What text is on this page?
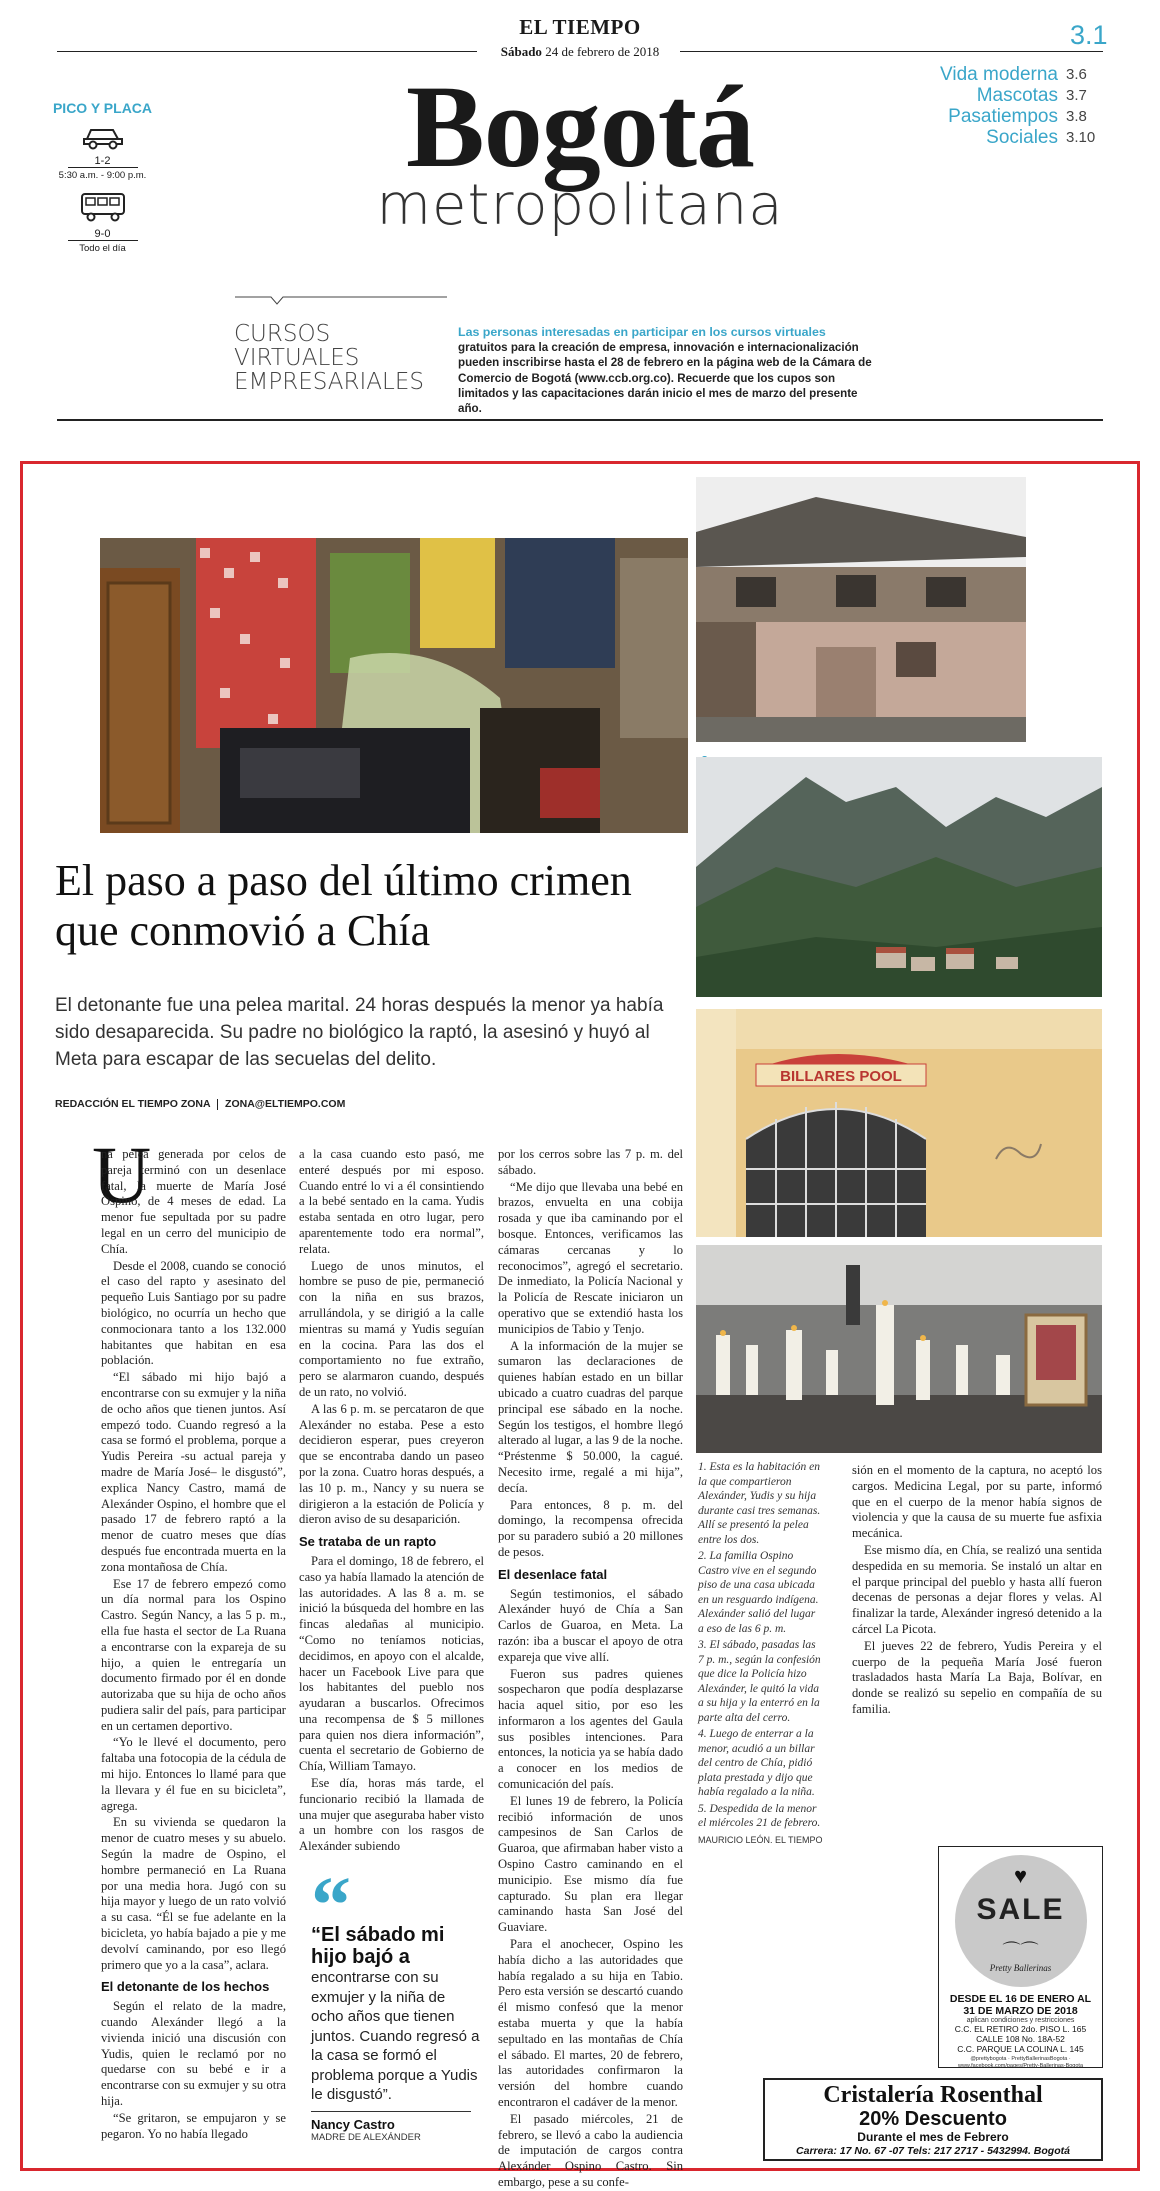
EL TIEMPO
Sábado 24 de febrero de 2018
3.1
Bogotá
metropolitana
Vida moderna 3.6
Mascotas 3.7
Pasatiempos 3.8
Sociales 3.10
PICO Y PLACA
1-2
5:30 a.m. - 9:00 p.m.
9-0
Todo el día
CURSOS
VIRTUALES
EMPRESARIALES
Las personas interesadas en participar en los cursos virtuales gratuitos para la creación de empresa, innovación e internacionalización pueden inscribirse hasta el 28 de febrero en la página web de la Cámara de Comercio de Bogotá (www.ccb.org.co). Recuerde que los cupos son limitados y las capacitaciones darán inicio el mes de marzo del presente año.
BILLARES POOL
El paso a paso del último crimen que conmovió a Chía
El detonante fue una pelea marital. 24 horas después la menor ya había sido desaparecida. Su padre no biológico la raptó, la asesinó y huyó al Meta para escapar de las secuelas del delito.
REDACCIÓN EL TIEMPO ZONA ZONA@ELTIEMPO.COM
U

na pelea generada por celos de pareja terminó con un desenlace fatal, la muerte de María José Ospino, de 4 meses de edad. La menor fue sepultada por su padre legal en un cerro del municipio de Chía.

Desde el 2008, cuando se conoció el caso del rapto y asesinato del pequeño Luis Santiago por su padre biológico, no ocurría un hecho que conmocionara tanto a los 132.000 habitantes que habitan en esa población.

“El sábado mi hijo bajó a encontrarse con su exmujer y la niña de ocho años que tienen juntos. Así empezó todo. Cuando regresó a la casa se formó el problema, porque a Yudis Pereira -su actual pareja y madre de María José– le disgustó”, explica Nancy Castro, mamá de Alexánder Ospino, el hombre que el pasado 17 de febrero raptó a la menor de cuatro meses que días después fue encontrada muerta en la zona montañosa de Chía.

Ese 17 de febrero empezó como un día normal para los Ospino Castro. Según Nancy, a las 5 p. m., ella fue hasta el sector de La Ruana a encontrarse con la expareja de su hijo, a quien le entregaría un documento firmado por él en donde autorizaba que su hija de ocho años pudiera salir del país, para participar en un certamen deportivo.

“Yo le llevé el documento, pero faltaba una fotocopia de la cédula de mi hijo. Entonces lo llamé para que la llevara y él fue en su bicicleta”, agrega.

En su vivienda se quedaron la menor de cuatro meses y su abuelo. Según la madre de Ospino, el hombre permaneció en La Ruana por una media hora. Jugó con su hija mayor y luego de un rato volvió a su casa. “Él se fue adelante en la bicicleta, yo había bajado a pie y me devolví caminando, por eso llegó primero que yo a la casa”, aclara.

El detonante de los hechos

Según el relato de la madre, cuando Alexánder llegó a la vivienda inició una discusión con Yudis, quien le reclamó por no quedarse con su bebé e ir a encontrarse con su exmujer y su otra hija.

“Se gritaron, se empujaron y se pegaron. Yo no había llegado

a la casa cuando esto pasó, me enteré después por mi esposo. Cuando entré lo vi a él consintiendo a la bebé sentado en la cama. Yudis estaba sentada en otro lugar, pero aparentemente todo era normal”, relata.

Luego de unos minutos, el hombre se puso de pie, permaneció con la niña en sus brazos, arrullándola, y se dirigió a la calle mientras su mamá y Yudis seguían en la cocina. Para las dos el comportamiento no fue extraño, pero se alarmaron cuando, después de un rato, no volvió.

A las 6 p. m. se percataron de que Alexánder no estaba. Pese a esto decidieron esperar, pues creyeron que se encontraba dando un paseo por la zona. Cuatro horas después, a las 10 p. m., Nancy y su nuera se dirigieron a la estación de Policía y dieron aviso de su desaparición.

Se trataba de un rapto

Para el domingo, 18 de febrero, el caso ya había llamado la atención de las autoridades. A las 8 a. m. se inició la búsqueda del hombre en las fincas aledañas al municipio. “Como no teníamos noticias, decidimos, en apoyo con el alcalde, hacer un Facebook Live para que los habitantes del pueblo nos ayudaran a buscarlos. Ofrecimos una recompensa de $ 5 millones para quien nos diera información”, cuenta el secretario de Gobierno de Chía, William Tamayo.

Ese día, horas más tarde, el funcionario recibió la llamada de una mujer que aseguraba haber visto a un hombre con los rasgos de Alexánder subiendo

“
“El sábado mi hijo bajó a
encontrarse con su exmujer y la niña de ocho años que tienen juntos. Cuando regresó a la casa se formó el problema porque a Yudis le disgustó”.
Nancy Castro
MADRE DE ALEXÁNDER

por los cerros sobre las 7 p. m. del sábado.

“Me dijo que llevaba una bebé en brazos, envuelta en una cobija rosada y que iba caminando por el bosque. Entonces, verificamos las cámaras cercanas y lo reconocimos”, agregó el secretario. De inmediato, la Policía Nacional y la Policía de Rescate iniciaron un operativo que se extendió hasta los municipios de Tabio y Tenjo.

A la información de la mujer se sumaron las declaraciones de quienes habían estado en un billar ubicado a cuatro cuadras del parque principal ese sábado en la noche. Según los testigos, el hombre llegó alterado al lugar, a las 9 de la noche. “Préstenme $ 50.000, la cagué. Necesito irme, regalé a mi hija”, decía.

Para entonces, 8 p. m. del domingo, la recompensa ofrecida por su paradero subió a 20 millones de pesos.

El desenlace fatal

Según testimonios, el sábado Alexánder huyó de Chía a San Carlos de Guaroa, en Meta. La razón: iba a buscar el apoyo de otra expareja que vive allí.

Fueron sus padres quienes sospecharon que podía desplazarse hacia aquel sitio, por eso les informaron a los agentes del Gaula sus posibles intenciones. Para entonces, la noticia ya se había dado a conocer en los medios de comunicación del país.

El lunes 19 de febrero, la Policía recibió información de unos campesinos de San Carlos de Guaroa, que afirmaban haber visto a Ospino Castro caminando en el municipio. Ese mismo día fue capturado. Su plan era llegar caminando hasta San José del Guaviare.

Para el anochecer, Ospino les había dicho a las autoridades que había regalado a su hija en Tabio. Pero esta versión se descartó cuando él mismo confesó que la menor estaba muerta y que la había sepultado en las montañas de Chía el sábado. El martes, 20 de febrero, las autoridades confirmaron la versión del hombre cuando encontraron el cadáver de la menor.

El pasado miércoles, 21 de febrero, se llevó a cabo la audiencia de imputación de cargos contra Alexánder Ospino Castro. Sin embargo, pese a su confe-

1. Esta es la habitación en la que compartieron Alexánder, Yudis y su hija durante casi tres semanas. Allí se presentó la pelea entre los dos.
2. La familia Ospino Castro vive en el segundo piso de una casa ubicada en un resguardo indígena. Alexánder salió del lugar a eso de las 6 p. m.
3. El sábado, pasadas las 7 p. m., según la confesión que dice la Policía hizo Alexánder, le quitó la vida a su hija y la enterró en la parte alta del cerro.
4. Luego de enterrar a la menor, acudió a un billar del centro de Chía, pidió plata prestada y dijo que había regalado a la niña.
5. Despedida de la menor el miércoles 21 de febrero.
MAURICIO LEÓN. EL TIEMPO

sión en el momento de la captura, no aceptó los cargos. Medicina Legal, por su parte, informó que en el cuerpo de la menor había signos de violencia y que la causa de su muerte fue asfixia mecánica.

Ese mismo día, en Chía, se realizó una sentida despedida en su memoria. Se instaló un altar en el parque principal del pueblo y hasta allí fueron decenas de personas a dejar flores y velas. Al finalizar la tarde, Alexánder ingresó detenido a la cárcel La Picota.

El jueves 22 de febrero, Yudis Pereira y el cuerpo de la pequeña María José fueron trasladados hasta María La Baja, Bolívar, en donde se realizó su sepelio en compañía de su familia.

♥
SALE
⌒⌒
Pretty Ballerinas
DESDE EL 16 DE ENERO AL 31 DE MARZO DE 2018
aplican condiciones y restricciones
C.C. EL RETIRO 2do. PISO L. 165
CALLE 108 No. 18A-52
C.C. PARQUE LA COLINA L. 145
@prettybogota · PrettyBallerinasBogota · www.facebook.com/pages/Pretty-Ballerinas-Bogota
Cristalería Rosenthal
20% Descuento
Durante el mes de Febrero
Carrera: 17 No. 67 -07 Tels: 217 2717 - 5432994. Bogotá
